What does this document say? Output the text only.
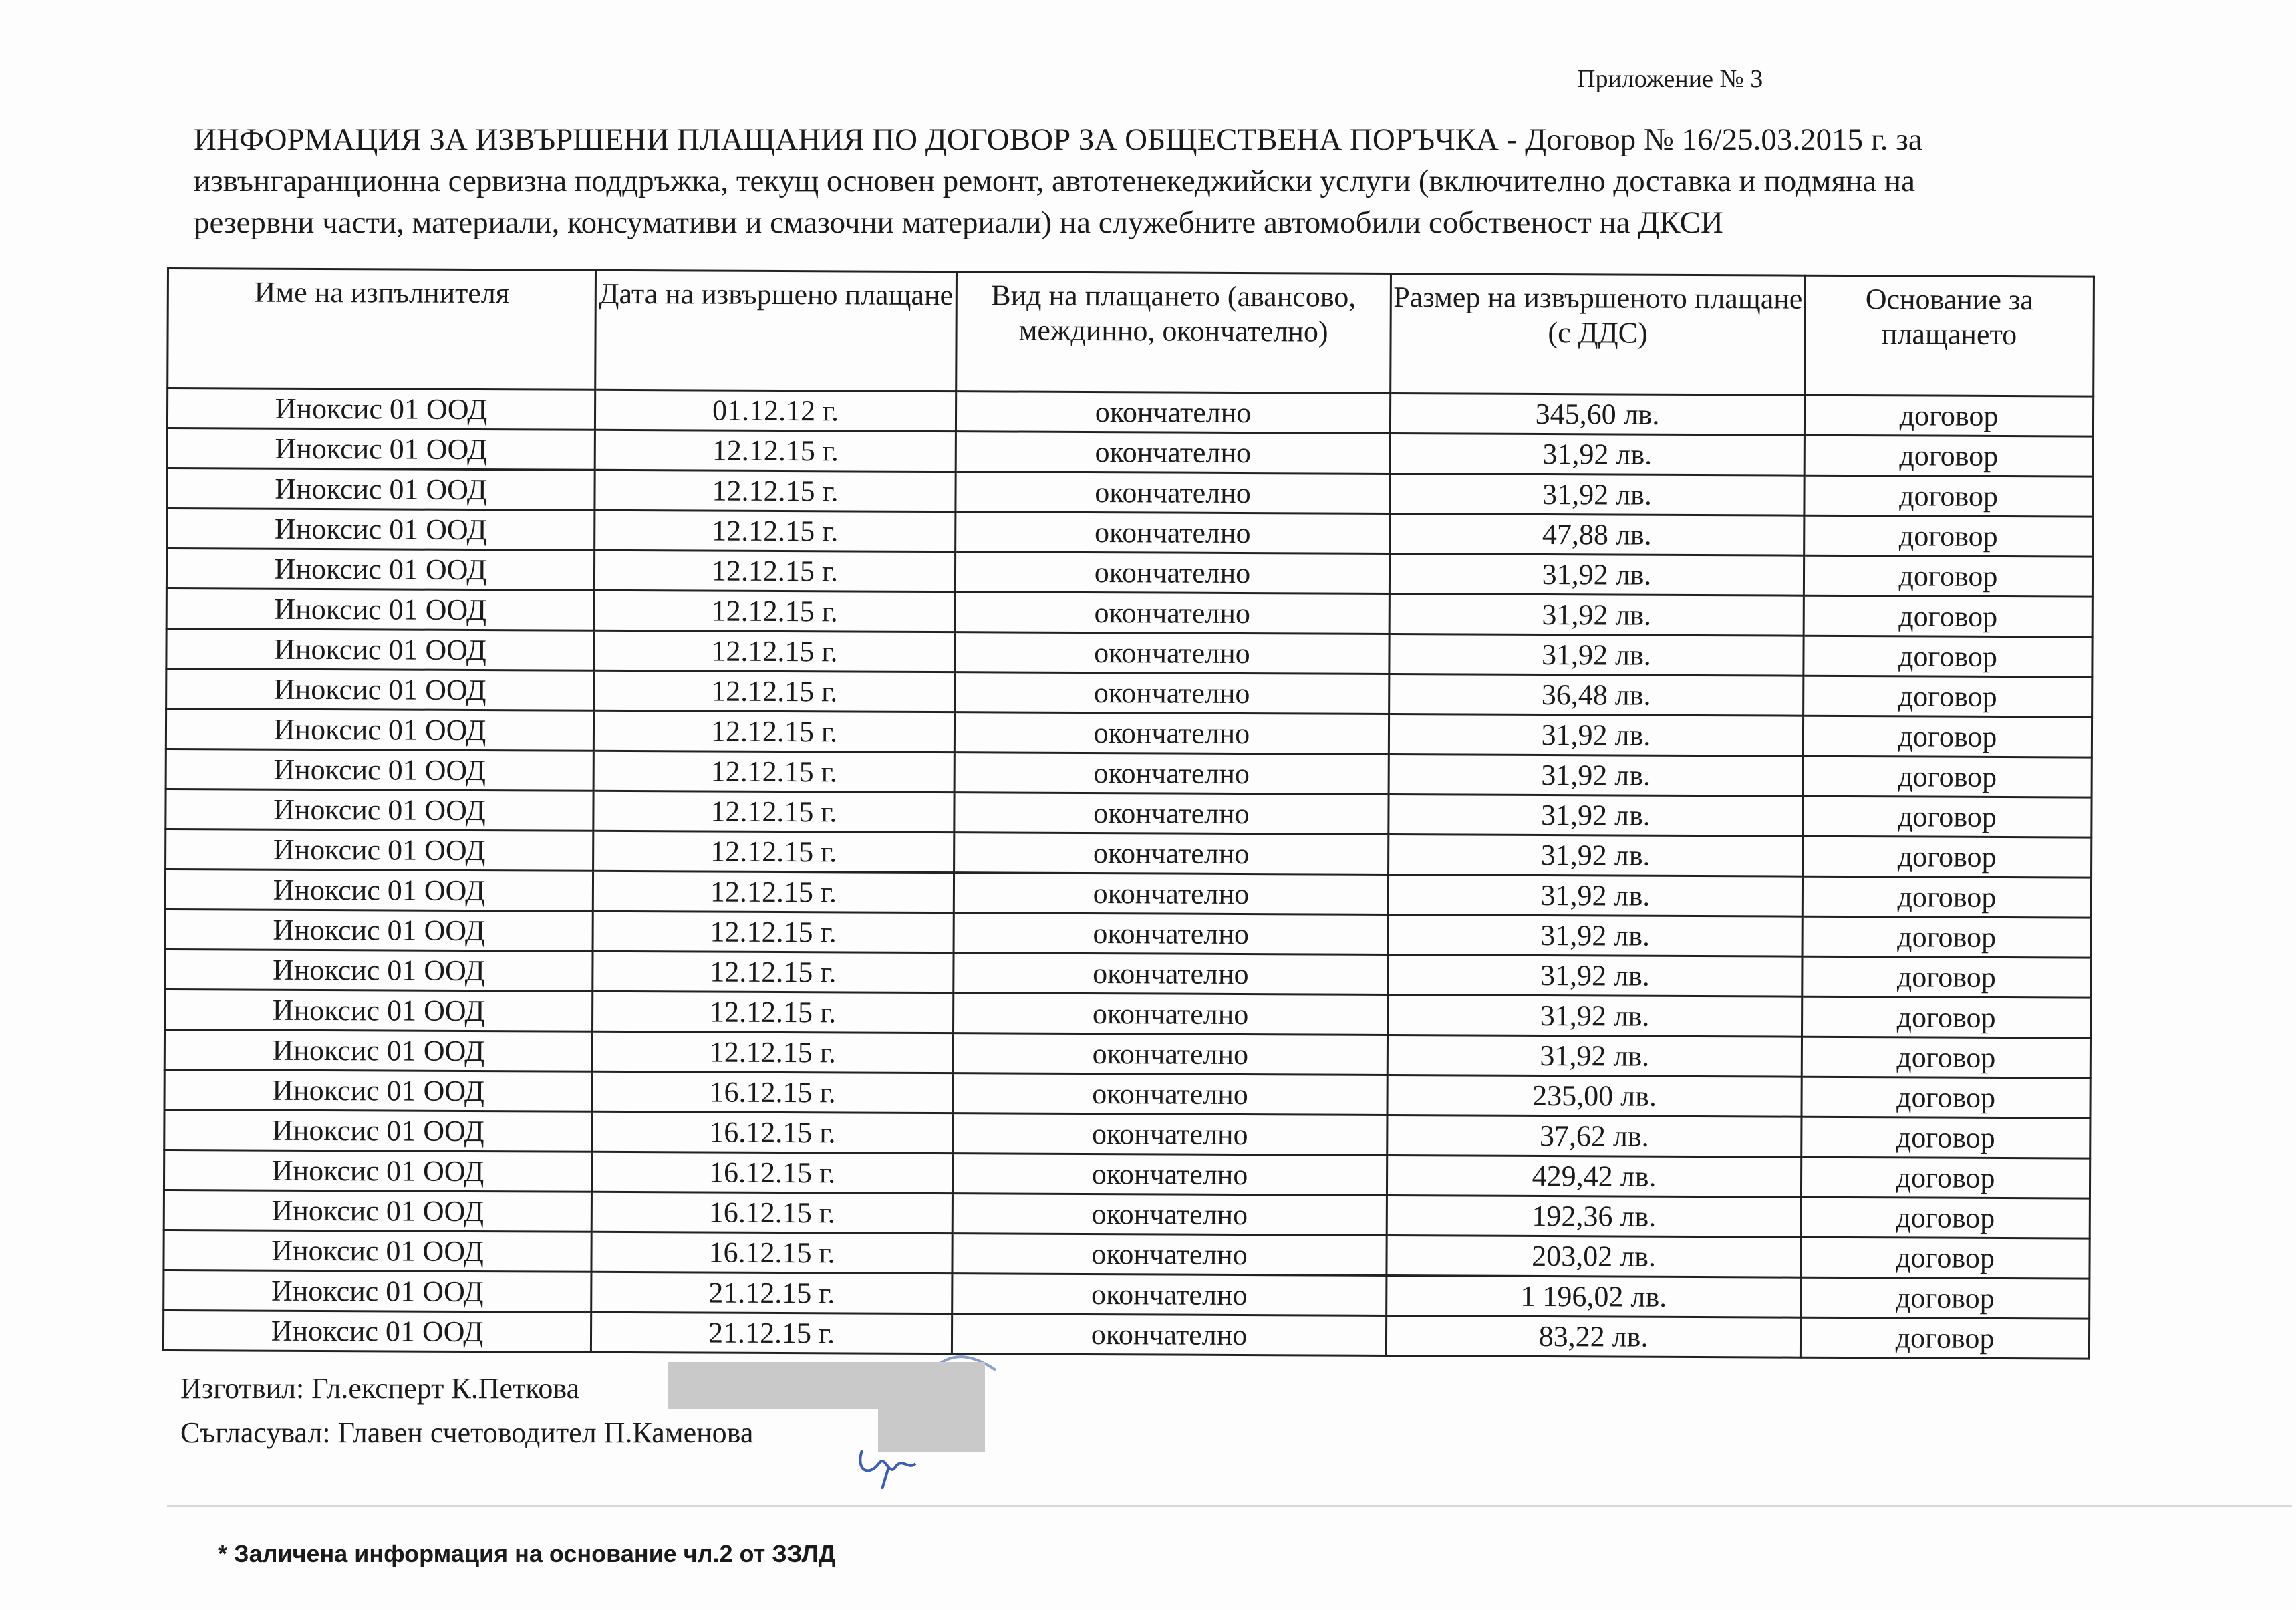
Приложение № 3
ИНФОРМАЦИЯ ЗА ИЗВЪРШЕНИ ПЛАЩАНИЯ ПО ДОГОВОР ЗА ОБЩЕСТВЕНА ПОРЪЧКА - Договор № 16/25.03.2015 г. за
извънгаранционна сервизна поддръжка, текущ основен ремонт, автотенекеджийски услуги (включително доставка и подмяна на
резервни части, материали, консумативи и смазочни материали) на служебните автомобили собственост на ДКСИ
Име на изпълнителя	Дата на извършено плащане	Вид на плащането (авансово, междинно, окончателно)	Размер на извършеното плащане (с ДДС)	Основание за плащането
Иноксис 01 ООД	01.12.12 г.	окончателно	345,60 лв.	договор
Иноксис 01 ООД	12.12.15 г.	окончателно	31,92 лв.	договор
Иноксис 01 ООД	12.12.15 г.	окончателно	31,92 лв.	договор
Иноксис 01 ООД	12.12.15 г.	окончателно	47,88 лв.	договор
Иноксис 01 ООД	12.12.15 г.	окончателно	31,92 лв.	договор
Иноксис 01 ООД	12.12.15 г.	окончателно	31,92 лв.	договор
Иноксис 01 ООД	12.12.15 г.	окончателно	31,92 лв.	договор
Иноксис 01 ООД	12.12.15 г.	окончателно	36,48 лв.	договор
Иноксис 01 ООД	12.12.15 г.	окончателно	31,92 лв.	договор
Иноксис 01 ООД	12.12.15 г.	окончателно	31,92 лв.	договор
Иноксис 01 ООД	12.12.15 г.	окончателно	31,92 лв.	договор
Иноксис 01 ООД	12.12.15 г.	окончателно	31,92 лв.	договор
Иноксис 01 ООД	12.12.15 г.	окончателно	31,92 лв.	договор
Иноксис 01 ООД	12.12.15 г.	окончателно	31,92 лв.	договор
Иноксис 01 ООД	12.12.15 г.	окончателно	31,92 лв.	договор
Иноксис 01 ООД	12.12.15 г.	окончателно	31,92 лв.	договор
Иноксис 01 ООД	12.12.15 г.	окончателно	31,92 лв.	договор
Иноксис 01 ООД	16.12.15 г.	окончателно	235,00 лв.	договор
Иноксис 01 ООД	16.12.15 г.	окончателно	37,62 лв.	договор
Иноксис 01 ООД	16.12.15 г.	окончателно	429,42 лв.	договор
Иноксис 01 ООД	16.12.15 г.	окончателно	192,36 лв.	договор
Иноксис 01 ООД	16.12.15 г.	окончателно	203,02 лв.	договор
Иноксис 01 ООД	21.12.15 г.	окончателно	1 196,02 лв.	договор
Иноксис 01 ООД	21.12.15 г.	окончателно	83,22 лв.	договор
Изготвил: Гл.експерт К.Петкова
Съгласувал: Главен счетоводител П.Каменова
* Заличена информация на основание чл.2 от ЗЗЛД
